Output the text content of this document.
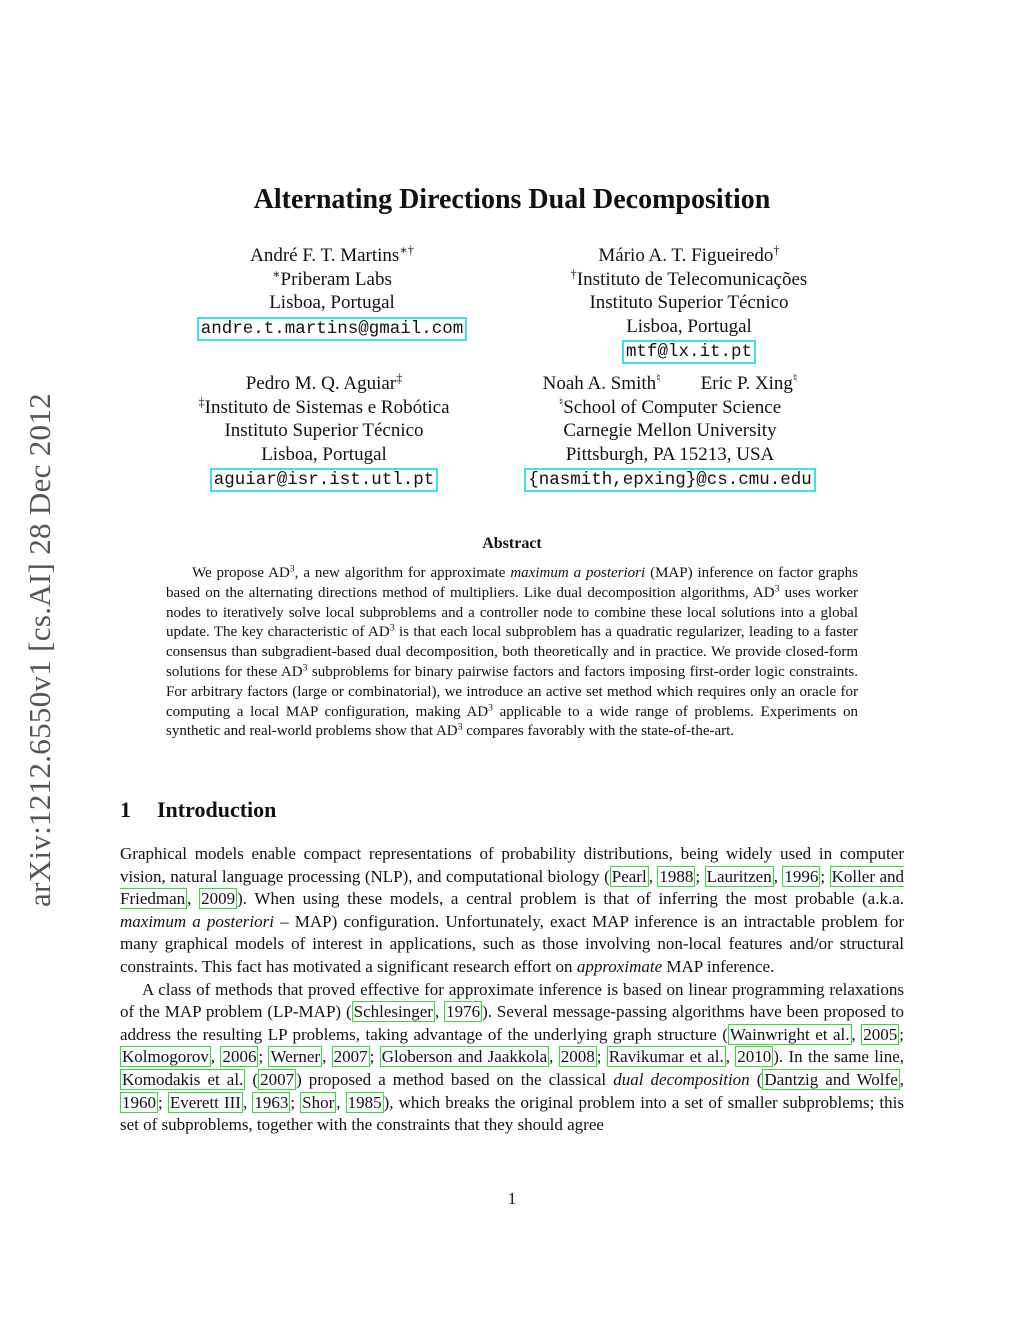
arXiv:1212.6550v1 [cs.AI] 28 Dec 2012
Alternating Directions Dual Decomposition
André F. T. Martins∗†
∗Priberam Labs
Lisboa, Portugal
andre.t.martins@gmail.com
Mário A. T. Figueiredo†
†Instituto de Telecomunicações
Instituto Superior Técnico
Lisboa, Portugal
mtf@lx.it.pt
Pedro M. Q. Aguiar‡
‡Instituto de Sistemas e Robótica
Instituto Superior Técnico
Lisboa, Portugal
aguiar@isr.ist.utl.pt
Noah A. Smith♮ Eric P. Xing♮
♮School of Computer Science
Carnegie Mellon University
Pittsburgh, PA 15213, USA
{nasmith,epxing}@cs.cmu.edu
Abstract

We propose $AD^3$, a new algorithm for approximate maximum a posteriori (MAP) inference on factor graphs based on the alternating directions method of multipliers. Like dual decomposition algorithms, $AD^3$ uses worker nodes to iteratively solve local subproblems and a controller node to combine these local solutions into a global update. The key characteristic of $AD^3$ is that each local subproblem has a quadratic regularizer, leading to a faster consensus than subgradient-based dual decomposition, both theoretically and in practice. We provide closed-form solutions for these $AD^3$ subproblems for binary pairwise factors and factors imposing first-order logic constraints. For arbitrary factors (large or combinatorial), we introduce an active set method which requires only an oracle for computing a local MAP configuration, making $AD^3$ applicable to a wide range of problems. Experiments on synthetic and real-world problems show that $AD^3$ compares favorably with the state-of-the-art.

1 Introduction

Graphical models enable compact representations of probability distributions, being widely used in computer vision, natural language processing (NLP), and computational biology ( Pearl , 1988 ; Lauritzen , 1996 ; Koller and Friedman , 2009 ). When using these models, a central problem is that of inferring the most probable (a.k.a. maximum a posteriori – MAP) configuration. Unfortunately, exact MAP inference is an intractable problem for many graphical models of interest in applications, such as those involving non-local features and/or structural constraints. This fact has motivated a significant research effort on approximate MAP inference.

A class of methods that proved effective for approximate inference is based on linear programming relaxations of the MAP problem (LP-MAP) ( Schlesinger , 1976 ). Several message-passing algorithms have been proposed to address the resulting LP problems, taking advantage of the underlying graph structure ( Wainwright et al. , 2005 ; Kolmogorov , 2006 ; Werner , 2007 ; Globerson and Jaakkola , 2008 ; Ravikumar et al. , 2010 ). In the same line, Komodakis et al. ( 2007 ) proposed a method based on the classical dual decomposition ( Dantzig and Wolfe , 1960 ; Everett III , 1963 ; Shor , 1985 ), which breaks the original problem into a set of smaller subproblems; this set of subproblems, together with the constraints that they should agree

1
